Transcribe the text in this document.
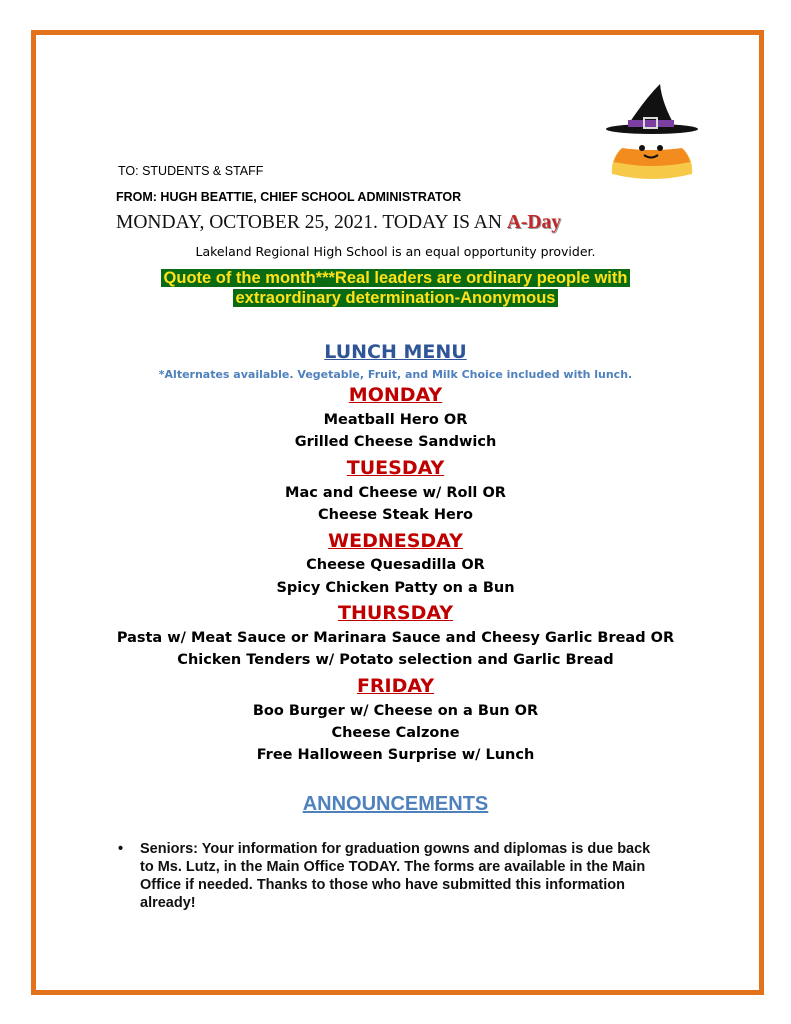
TO: STUDENTS & STAFF
FROM: HUGH BEATTIE, CHIEF SCHOOL ADMINISTRATOR
MONDAY, OCTOBER 25, 2021. TODAY IS AN A-Day
Lakeland Regional High School is an equal opportunity provider.
Quote of the month***Real leaders are ordinary people with
extraordinary determination-Anonymous
LUNCH MENU
*Alternates available. Vegetable, Fruit, and Milk Choice included with lunch.
MONDAY
Meatball Hero OR
Grilled Cheese Sandwich
TUESDAY
Mac and Cheese w/ Roll OR
Cheese Steak Hero
WEDNESDAY
Cheese Quesadilla OR
Spicy Chicken Patty on a Bun
THURSDAY
Pasta w/ Meat Sauce or Marinara Sauce and Cheesy Garlic Bread OR
Chicken Tenders w/ Potato selection and Garlic Bread
FRIDAY
Boo Burger w/ Cheese on a Bun OR
Cheese Calzone
Free Halloween Surprise w/ Lunch
ANNOUNCEMENTS
• Seniors: Your information for graduation gowns and diplomas is due back
to Ms. Lutz, in the Main Office TODAY. The forms are available in the Main
Office if needed. Thanks to those who have submitted this information
already!
